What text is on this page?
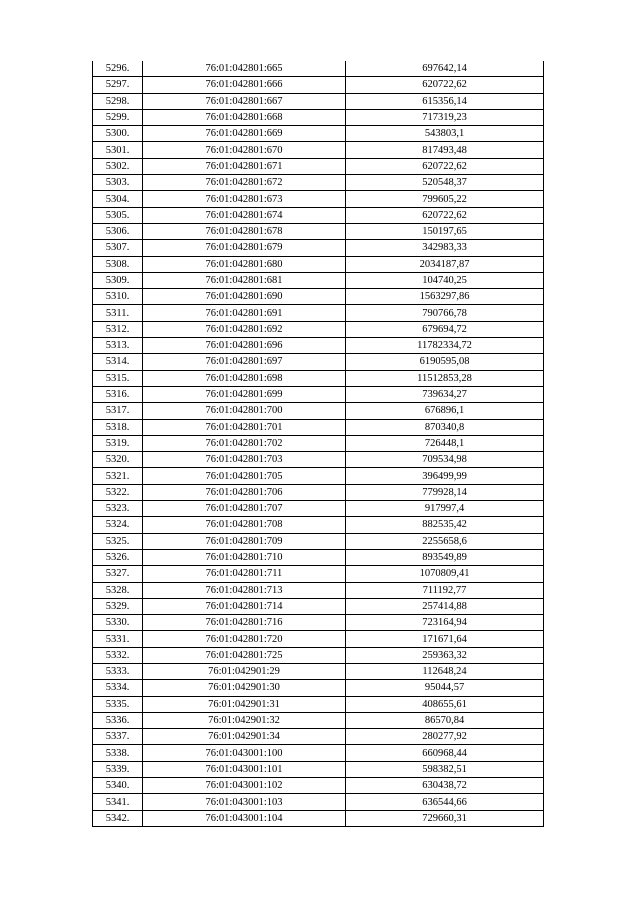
5296.	76:01:042801:665	697642,14
5297.	76:01:042801:666	620722,62
5298.	76:01:042801:667	615356,14
5299.	76:01:042801:668	717319,23
5300.	76:01:042801:669	543803,1
5301.	76:01:042801:670	817493,48
5302.	76:01:042801:671	620722,62
5303.	76:01:042801:672	520548,37
5304.	76:01:042801:673	799605,22
5305.	76:01:042801:674	620722,62
5306.	76:01:042801:678	150197,65
5307.	76:01:042801:679	342983,33
5308.	76:01:042801:680	2034187,87
5309.	76:01:042801:681	104740,25
5310.	76:01:042801:690	1563297,86
5311.	76:01:042801:691	790766,78
5312.	76:01:042801:692	679694,72
5313.	76:01:042801:696	11782334,72
5314.	76:01:042801:697	6190595,08
5315.	76:01:042801:698	11512853,28
5316.	76:01:042801:699	739634,27
5317.	76:01:042801:700	676896,1
5318.	76:01:042801:701	870340,8
5319.	76:01:042801:702	726448,1
5320.	76:01:042801:703	709534,98
5321.	76:01:042801:705	396499,99
5322.	76:01:042801:706	779928,14
5323.	76:01:042801:707	917997,4
5324.	76:01:042801:708	882535,42
5325.	76:01:042801:709	2255658,6
5326.	76:01:042801:710	893549,89
5327.	76:01:042801:711	1070809,41
5328.	76:01:042801:713	711192,77
5329.	76:01:042801:714	257414,88
5330.	76:01:042801:716	723164,94
5331.	76:01:042801:720	171671,64
5332.	76:01:042801:725	259363,32
5333.	76:01:042901:29	112648,24
5334.	76:01:042901:30	95044,57
5335.	76:01:042901:31	408655,61
5336.	76:01:042901:32	86570,84
5337.	76:01:042901:34	280277,92
5338.	76:01:043001:100	660968,44
5339.	76:01:043001:101	598382,51
5340.	76:01:043001:102	630438,72
5341.	76:01:043001:103	636544,66
5342.	76:01:043001:104	729660,31
